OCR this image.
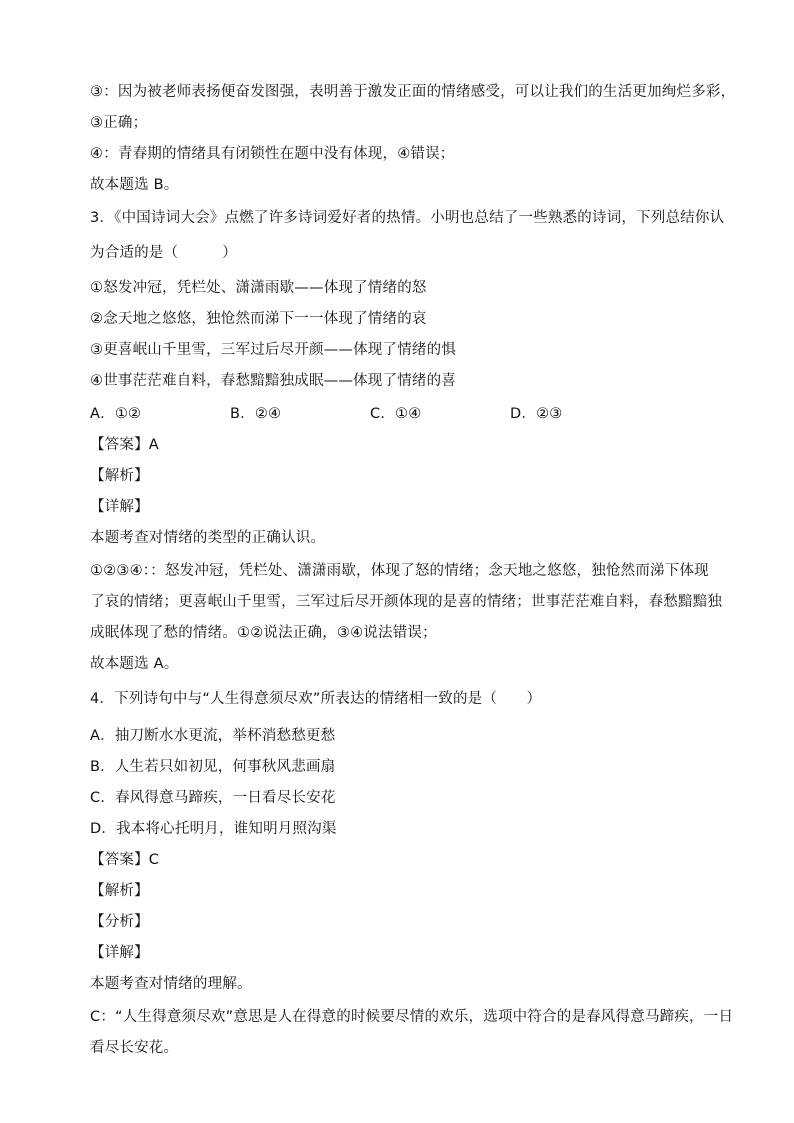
③：因为被老师表扬便奋发图强，表明善于激发正面的情绪感受，可以让我们的生活更加绚烂多彩，
③正确；
④：青春期的情绪具有闭锁性在题中没有体现，④错误；
故本题选 B。
3．《中国诗词大会》点燃了许多诗词爱好者的热情。小明也总结了一些熟悉的诗词，下列总结你认
为合适的是（　　　）
①怒发冲冠，凭栏处、潇潇雨歇——体现了情绪的怒
②念天地之悠悠，独怆然而涕下一一体现了情绪的哀
③更喜岷山千里雪，三军过后尽开颜——体现了情绪的惧
④世事茫茫难自料，春愁黯黯独成眠——体现了情绪的喜
A．①②	B．②④	C．①④	D．②③
【答案】A
【解析】
【详解】
本题考查对情绪的类型的正确认识。
①②③④：：怒发冲冠，凭栏处、潇潇雨歇，体现了怒的情绪；念天地之悠悠，独怆然而涕下体现
了哀的情绪；更喜岷山千里雪，三军过后尽开颜体现的是喜的情绪；世事茫茫难自料，春愁黯黯独
成眠体现了愁的情绪。①②说法正确，③④说法错误；
故本题选 A。
4．下列诗句中与“人生得意须尽欢”所表达的情绪相一致的是（　　）
A．抽刀断水水更流，举杯消愁愁更愁
B．人生若只如初见，何事秋风悲画扇
C．春风得意马蹄疾，一日看尽长安花
D．我本将心托明月，谁知明月照沟渠
【答案】C
【解析】
【分析】
【详解】
本题考查对情绪的理解。
C：“人生得意须尽欢”意思是人在得意的时候要尽情的欢乐，选项中符合的是春风得意马蹄疾，一日
看尽长安花。
